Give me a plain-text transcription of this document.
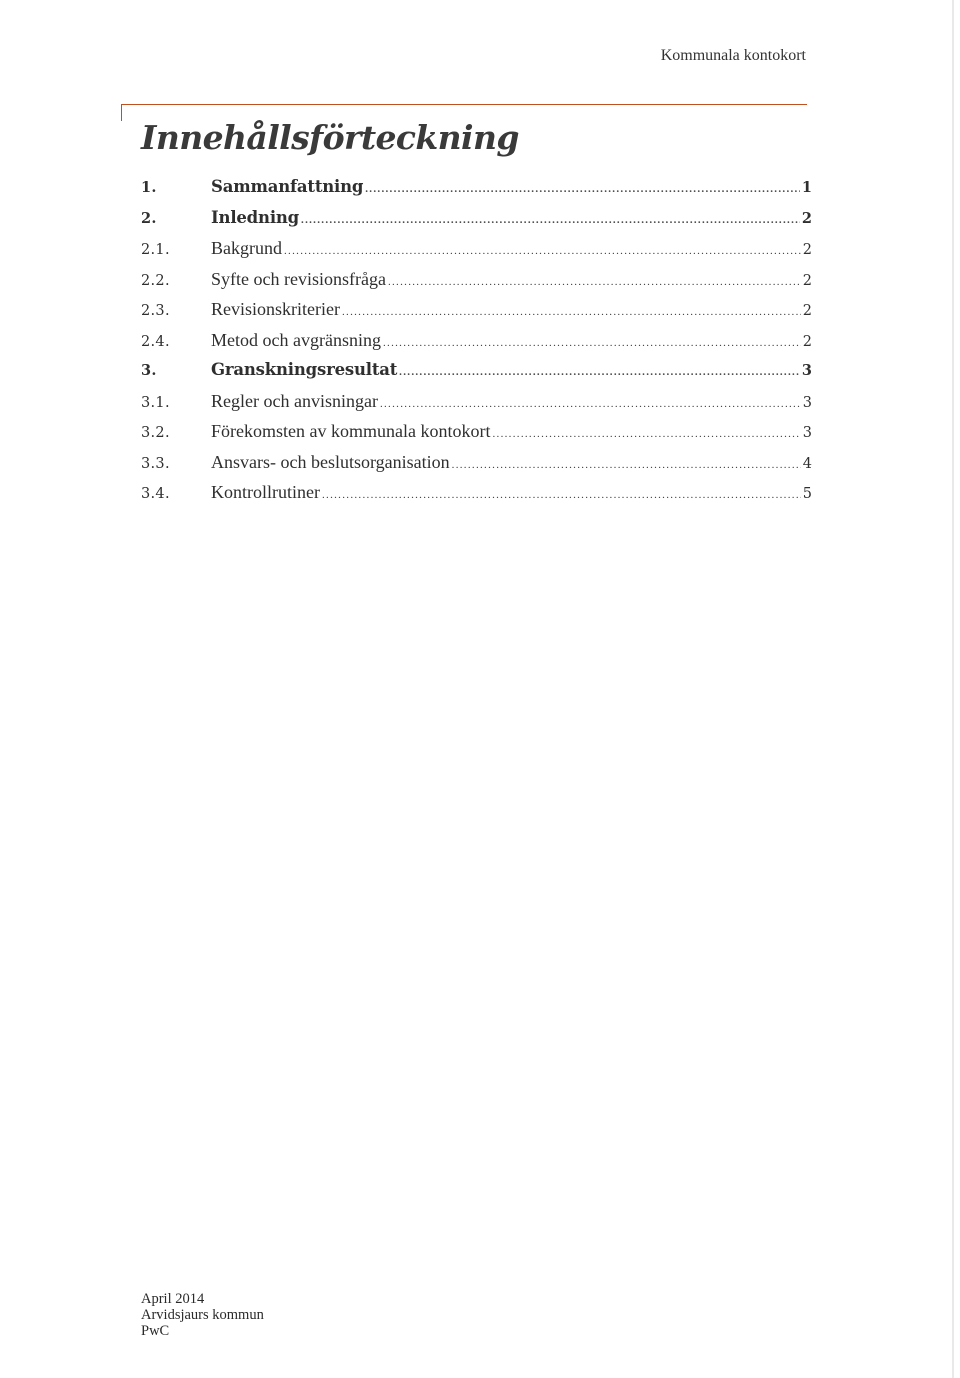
Kommunala kontokort
Innehållsförteckning
1.	Sammanfattning .....	1
2.	Inledning .....	2
2.1.	Bakgrund .....	2
2.2.	Syfte och revisionsfråga .....	2
2.3.	Revisionskriterier .....	2
2.4.	Metod och avgränsning .....	2
3.	Granskningsresultat .....	3
3.1.	Regler och anvisningar .....	3
3.2.	Förekomsten av kommunala kontokort .....	3
3.3.	Ansvars- och beslutsorganisation .....	4
3.4.	Kontrollrutiner .....	5
April 2014
Arvidsjaurs kommun
PwC
